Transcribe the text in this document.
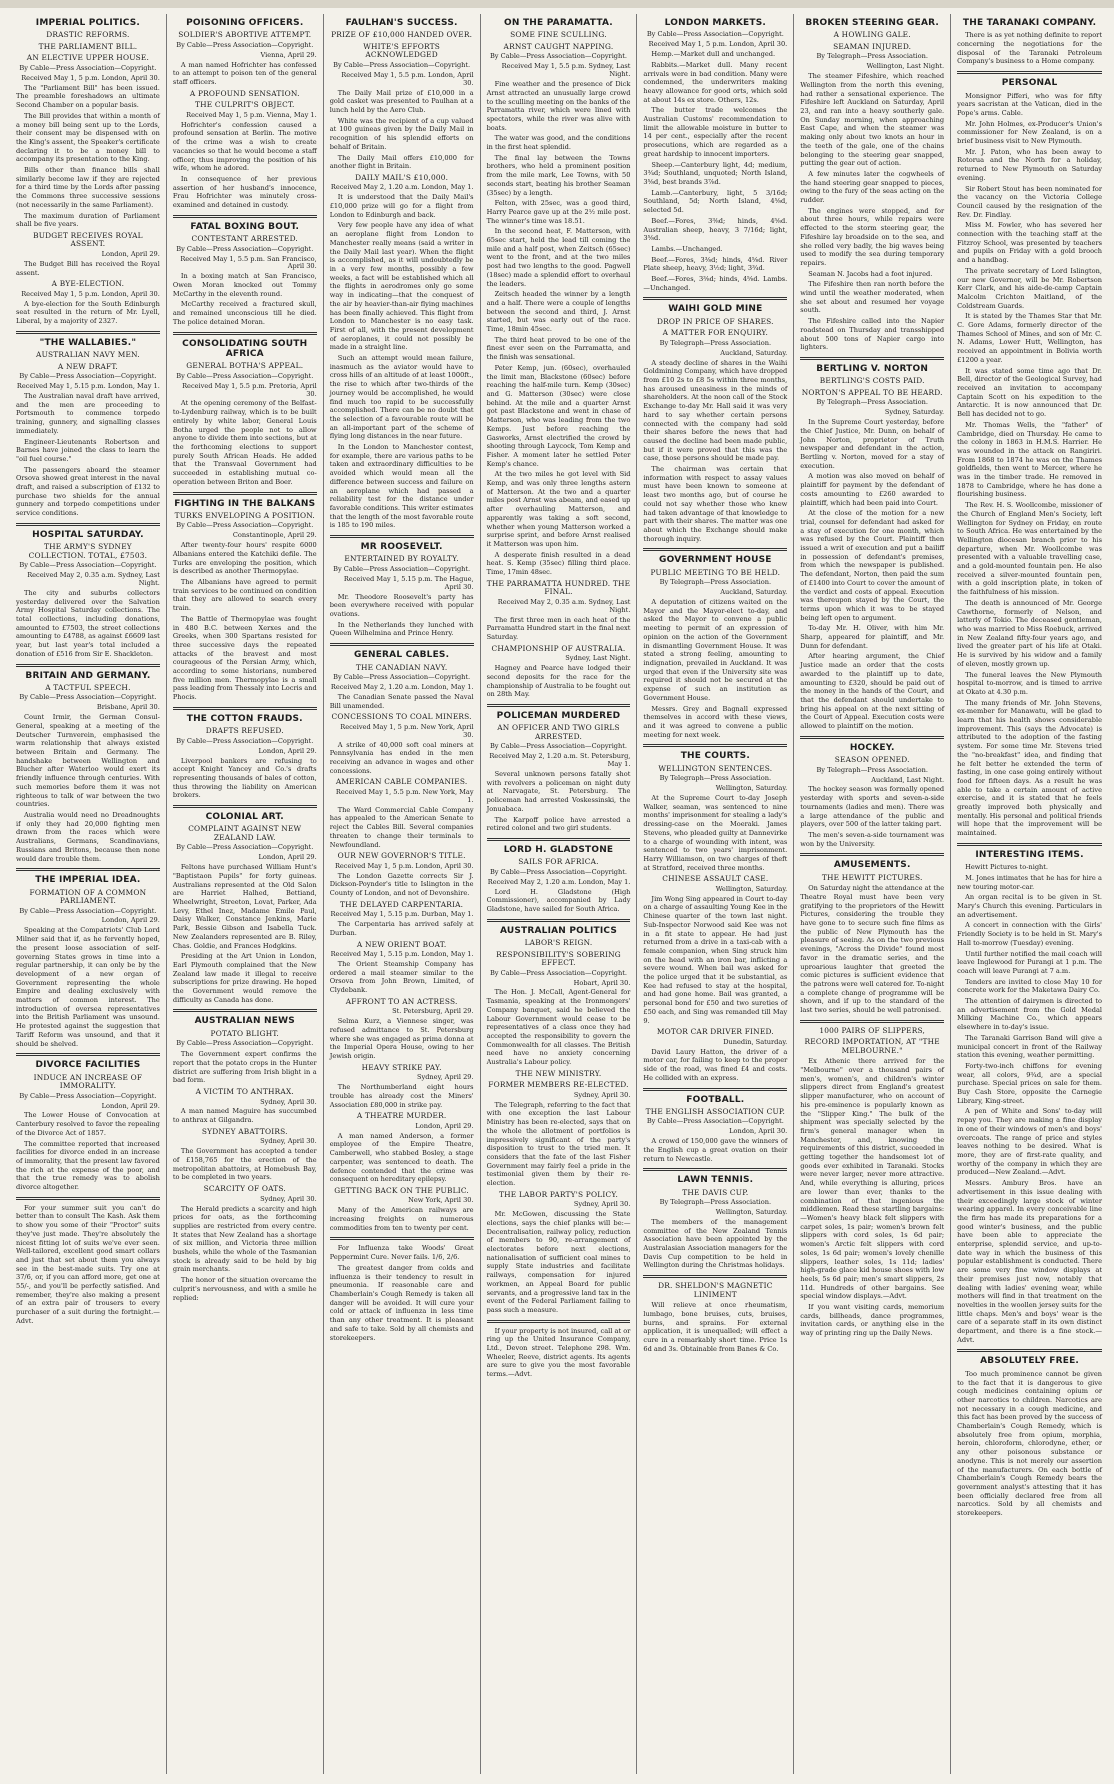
IMPERIAL POLITICS.
DRASTIC REFORMS.
THE PARLIAMENT BILL.
AN ELECTIVE UPPER HOUSE.
By Cable—Press Association—Copyright.
Received May 1, 5 p.m. London, April 30.

The "Parliament Bill" has been issued. The preamble foreshadows an ultimate Second Chamber on a popular basis.

The Bill provides that within a month of a money bill being sent up to the Lords, their consent may be dispensed with on the King's assent, the Speaker's certificate declaring it to be a money bill to accompany its presentation to the King.

Bills other than finance bills shall similarly become law if they are rejected for a third time by the Lords after passing the Commons three successive sessions (not necessarily in the same Parliament).

The maximum duration of Parliament shall be five years.

BUDGET RECEIVES ROYAL ASSENT.
London, April 29.

The Budget Bill has received the Royal assent.

A BYE-ELECTION.
Received May 1, 5 p.m. London, April 30.

A bye-election for the South Edinburgh seat resulted in the return of Mr. Lyell, Liberal, by a majority of 2327.

"THE WALLABIES."
AUSTRALIAN NAVY MEN.
A NEW DRAFT.
By Cable—Press Association—Copyright.
Received May 1, 5.15 p.m. London, May 1.

The Australian naval draft have arrived, and the men are proceeding to Portsmouth to commence torpedo training, gunnery, and signalling classes immediately.

Engineer-Lieutenants Robertson and Barnes have joined the class to learn the "oil fuel course."

The passengers aboard the steamer Orsova showed great interest in the naval draft, and raised a subscription of £132 to purchase two shields for the annual gunnery and torpedo competitions under service conditions.

HOSPITAL SATURDAY.
THE ARMY'S SYDNEY COLLECTION. TOTAL, £7503.
By Cable—Press Association—Copyright.
Received May 2, 0.35 a.m. Sydney, Last Night.

The city and suburbs collectors yesterday delivered over the Salvation Army Hospital Saturday collections. The total collections, including donations, amounted to £7503, the street collections amounting to £4788, as against £6609 last year, but last year's total included a donation of £516 from Sir E. Shackleton.

BRITAIN AND GERMANY.
A TACTFUL SPEECH.
By Cable—Press Association—Copyright.
Brisbane, April 30.

Count Irmir, the German Consul-General, speaking at a meeting of the Deutscher Turnverein, emphasised the warm relationship that always existed between Britain and Germany. The handshake between Wellington and Blucher after Waterloo would exert its friendly influence through centuries. With such memories before them it was not righteous to talk of war between the two countries.

Australia would need no Dreadnoughts if only they had 20,000 fighting men drawn from the races which were Australians, Germans, Scandinavians, Russians and Britons, because then none would dare trouble them.

THE IMPERIAL IDEA.
FORMATION OF A COMMON PARLIAMENT.
By Cable—Press Association—Copyright.
London, April 29.

Speaking at the Compatriots' Club Lord Milner said that if, as he fervently hoped, the present loose association of self-governing States grows in time into a regular partnership, it can only be by the development of a new organ of Government representing the whole Empire and dealing exclusively with matters of common interest. The introduction of oversea representatives into the British Parliament was unsound. He protested against the suggestion that Tariff Reform was unsound, and that it should be shelved.

DIVORCE FACILITIES
INDUCE AN INCREASE OF IMMORALITY.
By Cable—Press Association—Copyright.
London, April 29.

The Lower House of Convocation at Canterbury resolved to favor the repealing of the Divorce Act of 1857.

The committee reported that increased facilities for divorce ended in an increase of immorality, that the present law favored the rich at the expense of the poor, and that the true remedy was to abolish divorce altogether.

For your summer suit you can't do better than to consult The Kash. Ask them to show you some of their "Proctor" suits they've just made. They're absolutely the nicest fitting lot of suits we've ever seen. Well-tailored, excellent good smart collars and just that set about them you always see in the best-made suits. Try one at 37/6, or, if you can afford more, get one at 55/-, and you'll be perfectly satisfied. And remember, they're also making a present of an extra pair of trousers to every purchaser of a suit during the fortnight.—Advt.

POISONING OFFICERS.
SOLDIER'S ABORTIVE ATTEMPT.
By Cable—Press Association—Copyright.
Vienna, April 29.

A man named Hofrichter has confessed to an attempt to poison ten of the general staff officers.

A PROFOUND SENSATION.
THE CULPRIT'S OBJECT.
Received May 1, 5 p.m. Vienna, May 1.

Hofrichter's confession caused a profound sensation at Berlin. The motive of the crime was a wish to create vacancies so that he would become a staff officer, thus improving the position of his wife, whom he adored.

In consequence of her previous assertion of her husband's innocence, Frau Hofrichter was minutely cross-examined and detained in custody.

FATAL BOXING BOUT.
CONTESTANT ARRESTED.
By Cable—Press Association—Copyright.
Received May 1, 5.5 p.m. San Francisco, April 30.

In a boxing match at San Francisco, Owen Moran knocked out Tommy McCarthy in the eleventh round.

McCarthy received a fractured skull, and remained unconscious till he died. The police detained Moran.

CONSOLIDATING SOUTH AFRICA
GENERAL BOTHA'S APPEAL.
By Cable—Press Association—Copyright.
Received May 1, 5.5 p.m. Pretoria, April 30.

At the opening ceremony of the Belfast-to-Lydenburg railway, which is to be built entirely by white labor, General Louis Botha urged the people not to allow anyone to divide them into sections, but at the forthcoming elections to support purely South African Heads. He added that the Transvaal Government had succeeded in establishing mutual co-operation between Briton and Boer.

FIGHTING IN THE BALKANS
TURKS ENVELOPING A POSITION.
By Cable—Press Association—Copyright.
Constantinople, April 29.

After twenty-four hours' respite 6000 Albanians entered the Katchiki defile. The Turks are enveloping the position, which is described as another Thermopylae.

The Albanians have agreed to permit train services to be continued on condition that they are allowed to search every train.

The Battle of Thermopylae was fought in 480 B.C. between Xerxes and the Greeks, when 300 Spartans resisted for three successive days the repeated attacks of the bravest and most courageous of the Persian Army, which, according to some historians, numbered five million men. Thermopylae is a small pass leading from Thessaly into Locris and Phocis.

THE COTTON FRAUDS.
DRAFTS REFUSED.
By Cable—Press Association—Copyright.
London, April 29.

Liverpool bankers are refusing to accept Knight Yancey and Co.'s drafts representing thousands of bales of cotton, thus throwing the liability on American brokers.

COLONIAL ART.
COMPLAINT AGAINST NEW ZEALAND LAW.
By Cable—Press Association—Copyright.
London, April 29.

Feltons have purchased William Hunt's "Baptistaon Pupils" for forty guineas. Australians represented at the Old Salon are Harriet Halhed, Bettiand, Wheelwright, Streeton, Lovat, Parker, Ada Levy, Ethel Inez, Madame Emile Paul, Daisy Walker, Constance Jenkins, Marie Park, Bessie Gibson and Isabella Tuck. New Zealanders represented are B. Riley, Chas. Goldie, and Frances Hodgkins.

Presiding at the Art Union in London, Earl Plymouth complained that the New Zealand law made it illegal to receive subscriptions for prize drawing. He hoped the Government would remove the difficulty as Canada has done.

AUSTRALIAN NEWS
POTATO BLIGHT.
By Cable—Press Association—Copyright.

The Government expert confirms the report that the potato crops in the Hunter district are suffering from Irish blight in a bad form.

A VICTIM TO ANTHRAX.
Sydney, April 30.

A man named Maguire has succumbed to anthrax at Gilgandra.

SYDNEY ABATTOIRS.
Sydney, April 30.

The Government has accepted a tender of £158,765 for the erection of the metropolitan abattoirs, at Homebush Bay, to be completed in two years.

SCARCITY OF OATS.
Sydney, April 30.

The Herald predicts a scarcity and high prices for oats, as the forthcoming supplies are restricted from every centre. It states that New Zealand has a shortage of six million, and Victoria three million bushels, while the whole of the Tasmanian stock is already said to be held by big grain merchants.

The honor of the situation overcame the culprit's nervousness, and with a smile he replied:

FAULHAN'S SUCCESS.
PRIZE OF £10,000 HANDED OVER.
WHITE'S EFFORTS ACKNOWLEDGED
By Cable—Press Association—Copyright.
Received May 1, 5.5 p.m. London, April 30.

The Daily Mail prize of £10,000 in a gold casket was presented to Paulhan at a lunch held by the Aero Club.

White was the recipient of a cup valued at 100 guineas given by the Daily Mail in recognition of his splendid efforts on behalf of Britain.

The Daily Mail offers £10,000 for another flight in Britain.

DAILY MAIL'S £10,000.
Received May 2, 1.20 a.m. London, May 1.

It is understood that the Daily Mail's £10,000 prize will go for a flight from London to Edinburgh and back.

Very few people have any idea of what an aeroplane flight from London to Manchester really means (said a writer in the Daily Mail last year). When the flight is accomplished, as it will undoubtedly be in a very few months, possibly a few weeks, a fact will be established which all the flights in aerodromes only go some way in indicating—that the conquest of the air by heavier-than-air flying machines has been finally achieved. This flight from London to Manchester is no easy task. First of all, with the present development of aeroplanes, it could not possibly be made in a straight line.

Such an attempt would mean failure, inasmuch as the aviator would have to cross hills of an altitude of at least 1000ft., the rise to which after two-thirds of the journey would be accomplished, he would find much too rapid to be successfully accomplished. There can be no doubt that the selection of a favourable route will be an all-important part of the scheme of flying long distances in the near future.

In the London to Manchester contest, for example, there are various paths to be taken and extraordinary difficulties to be avoided which would mean all the difference between success and failure on an aeroplane which had passed a reliability test for the distance under favorable conditions. This writer estimates that the length of the most favorable route is 185 to 190 miles.

MR ROOSEVELT.
ENTERTAINED BY ROYALTY.
By Cable—Press Association—Copyright.
Received May 1, 5.15 p.m. The Hague, April 30.

Mr. Theodore Roosevelt's party has been everywhere received with popular ovations.

In the Netherlands they lunched with Queen Wilhelmina and Prince Henry.

GENERAL CABLES.
THE CANADIAN NAVY.
By Cable—Press Association—Copyright.
Received May 2, 1.20 a.m. London, May 1.

The Canadian Senate passed the Naval Bill unamended.

CONCESSIONS TO COAL MINERS.
Received May 1, 5 p.m. New York, April 30.

A strike of 40,000 soft coal miners at Pennsylvania has ended in the men receiving an advance in wages and other concessions.

AMERICAN CABLE COMPANIES.
Received May 1, 5.5 p.m. New York, May 1.

The Ward Commercial Cable Company has appealed to the American Senate to reject the Cables Bill. Several companies threaten to change their terminals to Newfoundland.

OUR NEW GOVERNOR'S TITLE.
Received May 1, 5 p.m. London, April 30.

The London Gazette corrects Sir J. Dickson-Poynder's title to Islington in the County of London, and not of Devonshire.

THE DELAYED CARPENTARIA.
Received May 1, 5.15 p.m. Durban, May 1.

The Carpentaria has arrived safely at Durban.

A NEW ORIENT BOAT.
Received May 1, 5.15 p.m. London, May 1.

The Orient Steamship Company has ordered a mail steamer similar to the Orsova from John Brown, Limited, of Clydebank.

AFFRONT TO AN ACTRESS.
St. Petersburg, April 29.

Selma Kurz, a Viennese singer, was refused admittance to St. Petersburg where she was engaged as prima donna at the Imperial Opera House, owing to her Jewish origin.

HEAVY STRIKE PAY.
Sydney, April 29.

The Northumberland eight hours trouble has already cost the Miners' Association £80,000 in strike pay.

A THEATRE MURDER.
London, April 29.

A man named Anderson, a former employee of the Empire Theatre, Camberwell, who stabbed Bosley, a stage carpenter, was sentenced to death. The defence contended that the crime was consequent on hereditary epilepsy.

GETTING BACK ON THE PUBLIC.
New York, April 30.

Many of the American railways are increasing freights on numerous commodities from ten to twenty per cent.

For Influenza take Woods' Great Peppermint Cure. Never fails. 1/6, 2/6.

The greatest danger from colds and influenza is their tendency to result in pneumonia. If reasonable care and Chamberlain's Cough Remedy is taken all danger will be avoided. It will cure your cold or attack of influenza in less time than any other treatment. It is pleasant and safe to take. Sold by all chemists and storekeepers.

ON THE PARAMATTA.
SOME FINE SCULLING.
ARNST CAUGHT NAPPING.
By Cable—Press Association—Copyright.
Received May 1, 5.5 p.m. Sydney, Last Night.

Fine weather and the presence of Dick Arnst attracted an unusually large crowd to the sculling meeting on the banks of the Parramatta river, which were lined with spectators, while the river was alive with boats.

The water was good, and the conditions in the first heat splendid.

The final lay between the Towns brothers, who held a prominent position from the mile mark, Lee Towns, with 50 seconds start, beating his brother Seaman (35sec) by a length.

Felton, with 25sec, was a good third, Harry Pearce gave up at the 2½ mile post. The winner's time was 18.51.

In the second heat, F. Matterson, with 65sec start, held the lead till coming the mile and a half post, when Zeitsch (65sec) went to the front, and at the two miles post had two lengths to the good. Pagwell (18sec) made a splendid effort to overhaul the leaders.

Zeitsch headed the winner by a length and a half. There were a couple of lengths between the second and third, J. Arnst started, but was early out of the race. Time, 18min 45sec.

The third heat proved to be one of the finest ever seen on the Parramatta, and the finish was sensational.

Peter Kemp, jun. (60sec), overhauled the limit man, Blackstone (60sec) before reaching the half-mile turn. Kemp (30sec) and G. Matterson (30sec) were close behind. At the mile and a quarter Arnst got past Blackstone and went in chase of Matterson, who was leading from the two Kemps. Just before reaching the Gasworks, Arnst electrified the crowd by shooting through Laycock, Tom Kemp and Fisher. A moment later he settled Peter Kemp's chance.

At the two miles he got level with Sid Kemp, and was only three lengths astern of Matterson. At the two and a quarter miles post Arnst was abeam, and eased up after overhauling Matterson, and apparently was taking a soft second, whether when young Matterson worked a surprise sprint, and before Arnst realised it Matterson was upon him.

A desperate finish resulted in a dead heat. S. Kemp (35sec) filling third place. Time, 17min 48sec.

THE PARRAMATTA HUNDRED. THE FINAL.
Received May 2, 0.35 a.m. Sydney, Last Night.

The first three men in each heat of the Parramatta Hundred start in the final next Saturday.

CHAMPIONSHIP OF AUSTRALIA.
Sydney, Last Night.

Hagney and Pearce have lodged their second deposits for the race for the championship of Australia to be fought out on 28th May.

POLICEMAN MURDERED
AN OFFICER AND TWO GIRLS ARRESTED.
By Cable—Press Association—Copyright.
Received May 2, 1.20 a.m. St. Petersburg, May 1.

Several unknown persons fatally shot with revolvers a policeman on night duty at Narvagate, St. Petersburg. The policeman had arrested Voskessinski, the Jonuabaca.

The Karpoff police have arrested a retired colonel and two girl students.

LORD H. GLADSTONE
SAILS FOR AFRICA.
By Cable—Press Association—Copyright.
Received May 2, 1.20 a.m. London, May 1.

Lord H. Gladstone (High Commissioner), accompanied by Lady Gladstone, have sailed for South Africa.

AUSTRALIAN POLITICS
LABOR'S REIGN.
RESPONSIBILITY'S SOBERING EFFECT.
By Cable—Press Association—Copyright.
Hobart, April 30.

The Hon. J. McCall, Agent-General for Tasmania, speaking at the Ironmongers' Company banquet, said he believed the Labour Government would cease to be representatives of a class once they had accepted the responsibility to govern the Commonwealth for all classes. The British need have no anxiety concerning Australia's Labour policy.

THE NEW MINISTRY.
FORMER MEMBERS RE-ELECTED.
Sydney, April 30.

The Telegraph, referring to the fact that with one exception the last Labour Ministry has been re-elected, says that on the whole the allotment of portfolios is impressively significant of the party's disposition to trust to the tried men. It considers that the fate of the last Fisher Government may fairly feel a pride in the testimonial given them by their re-election.

THE LABOR PARTY'S POLICY.
Sydney, April 30.

Mr. McGowen, discussing the State elections, says the chief planks will be:—Decentralisation, railway policy, reduction of members to 90, re-arrangement of electorates before next elections, nationalisation of sufficient coal mines to supply State industries and facilitate railways, compensation for injured workmen, an Appeal Board for public servants, and a progressive land tax in the event of the Federal Parliament failing to pass such a measure.

If your property is not insured, call at or ring up the United Insurance Company, Ltd., Devon street. Telephone 298. Wm. Wheeler, Reeve, district agents. Its agents are sure to give you the most favorable terms.—Advt.

LONDON MARKETS.
By Cable—Press Association—Copyright.
Received May 1, 5 p.m. London, April 30.

Hemp.—Market dull and unchanged.

Rabbits.—Market dull. Many recent arrivals were in bad condition. Many were condemned, the underwriters making heavy allowance for good orts, which sold at about 14s ex store. Others, 12s.

The butter trade welcomes the Australian Customs' recommendation to limit the allowable moisture in butter to 14 per cent., especially after the recent prosecutions, which are regarded as a great hardship to innocent importers.

Sheep.—Canterbury light, 4d; medium, 3¾d; Southland, unquoted; North Island, 3⅝d, best brands 3⅞d.

Lamb.—Canterbury, light, 5 3/16d; Southland, 5d; North Island, 4⅝d, selected 5d.

Beef.—Fores, 3⅜d; hinds, 4⅝d. Australian sheep, heavy, 3 7/16d; light, 3⅝d.

Lambs.—Unchanged.

Beef.—Fores, 3⅜d; hinds, 4⅝d. River Plate sheep, heavy, 3½d; light, 3¾d.

Beef.—Fores, 3⅜d; hinds, 4⅝d. Lambs.—Unchanged.

WAIHI GOLD MINE
DROP IN PRICE OF SHARES.
A MATTER FOR ENQUIRY.
By Telegraph—Press Association.
Auckland, Saturday.

A steady decline of shares in the Waihi Goldmining Company, which have dropped from £10 2s to £8 5s within three months, has aroused uneasiness in the minds of shareholders. At the noon call of the Stock Exchange to-day Mr. Hall said it was very hard to say whether certain persons connected with the company had sold their shares before the news that had caused the decline had been made public, but if it were proved that this was the case, those persons should be made pay.

The chairman was certain that information with respect to assay values must have been known to someone at least two months ago, but of course he could not say whether those who knew had taken advantage of that knowledge to part with their shares. The matter was one about which the Exchange should make thorough inquiry.

GOVERNMENT HOUSE
PUBLIC MEETING TO BE HELD.
By Telegraph—Press Association.
Auckland, Saturday.

A deputation of citizens waited on the Mayor and the Mayor-elect to-day, and asked the Mayor to convene a public meeting to permit of an expression of opinion on the action of the Government in dismantling Government House. It was stated a strong feeling, amounting to indignation, prevailed in Auckland. It was urged that even if the University site was required it should not be secured at the expense of such an institution as Government House.

Messrs. Grey and Bagnall expressed themselves in accord with these views, and it was agreed to convene a public meeting for next week.

THE COURTS.
WELLINGTON SENTENCES.
By Telegraph—Press Association.
Wellington, Saturday.

At the Supreme Court to-day Joseph Walker, seaman, was sentenced to nine months' imprisonment for stealing a lady's dressing-case on the Moeraki. James Stevens, who pleaded guilty at Dannevirke to a charge of wounding with intent, was sentenced to two years' imprisonment. Harry Williamson, on two charges of theft at Stratford, received three months.

CHINESE ASSAULT CASE.
Wellington, Saturday.

Jim Wong Sing appeared in Court to-day on a charge of assaulting Young Kee in the Chinese quarter of the town last night. Sub-Inspector Norwood said Kee was not in a fit state to appear. He had just returned from a drive in a taxi-cab with a female companion, when Sing struck him on the head with an iron bar, inflicting a severe wound. When bail was asked for the police urged that it be substantial, as Kee had refused to stay at the hospital, and had gone home. Bail was granted, a personal bond for £50 and two sureties of £50 each, and Sing was remanded till May 9.

MOTOR CAR DRIVER FINED.
Dunedin, Saturday.

David Laury Hatton, the driver of a motor car, for failing to keep to the proper side of the road, was fined £4 and costs. He collided with an express.

FOOTBALL.
THE ENGLISH ASSOCIATION CUP.
By Cable—Press Association—Copyright.
London, April 30.

A crowd of 150,000 gave the winners of the English cup a great ovation on their return to Newcastle.

LAWN TENNIS.
THE DAVIS CUP.
By Telegraph—Press Association.
Wellington, Saturday.

The members of the management committee of the New Zealand Tennis Association have been appointed by the Australasian Association managers for the Davis Cup competition to be held in Wellington during the Christmas holidays.

DR. SHELDON'S MAGNETIC LINIMENT

Will relieve at once rheumatism, lumbago, bone bruises, cuts, bruises, burns, and sprains. For external application, it is unequalled; will effect a cure in a remarkably short time. Price 1s 6d and 3s. Obtainable from Banes & Co.

BROKEN STEERING GEAR.
A HOWLING GALE.
SEAMAN INJURED.
By Telegraph—Press Association.
Wellington, Last Night.

The steamer Fifeshire, which reached Wellington from the north this evening, had rather a sensational experience. The Fifeshire left Auckland on Saturday, April 23, and ran into a heavy southerly gale. On Sunday morning, when approaching East Cape, and when the steamer was making only about two knots an hour in the teeth of the gale, one of the chains belonging to the steering gear snapped, putting the gear out of action.

A few minutes later the cogwheels of the hand steering gear snapped to pieces, owing to the fury of the seas acting on the rudder.

The engines were stopped, and for about three hours, while repairs were effected to the storm steering gear, the Fifeshire lay broadside on to the sea, and she rolled very badly, the big waves being used to modify the sea during temporary repairs.

Seaman N. Jacobs had a foot injured.

The Fifeshire then ran north before the wind until the weather moderated, when she set about and resumed her voyage south.

The Fifeshire called into the Napier roadstead on Thursday and transshipped about 500 tons of Napier cargo into lighters.

BERTLING V. NORTON
BERTLING'S COSTS PAID.
NORTON'S APPEAL TO BE HEARD.
By Telegraph—Press Association.
Sydney, Saturday.

In the Supreme Court yesterday, before the Chief Justice, Mr. Dunn, on behalf of John Norton, proprietor of Truth newspaper and defendant in the action, Bertling v. Norton, moved for a stay of execution.

A motion was also moved on behalf of plaintiff for payment by the defendant of costs amounting to £260 awarded to plaintiff, which had been paid into Court.

At the close of the motion for a new trial, counsel for defendant had asked for a stay of execution for one month, which was refused by the Court. Plaintiff then issued a writ of execution and put a bailiff in possession of defendant's premises, from which the newspaper is published. The defendant, Norton, then paid the sum of £1400 into Court to cover the amount of the verdict and costs of appeal. Execution was thereupon stayed by the Court, the terms upon which it was to be stayed being left open to argument.

To-day Mr. H. Oliver, with him Mr. Sharp, appeared for plaintiff, and Mr. Dunn for defendant.

After hearing argument, the Chief Justice made an order that the costs awarded to the plaintiff up to date, amounting to £320, should be paid out of the money in the hands of the Court, and that the defendant should undertake to bring his appeal on at the next sitting of the Court of Appeal. Execution costs were allowed to plaintiff on the motion.

HOCKEY.
SEASON OPENED.
By Telegraph—Press Association.
Auckland, Last Night.

The hockey season was formally opened yesterday with sports and seven-a-side tournaments (ladies and men). There was a large attendance of the public and players, over 500 of the latter taking part.

The men's seven-a-side tournament was won by the University.

AMUSEMENTS.
THE HEWITT PICTURES.

On Saturday night the attendance at the Theatre Royal must have been very gratifying to the proprietors of the Hewitt Pictures, considering the trouble they have gone to to secure such fine films as the public of New Plymouth has the pleasure of seeing. As on the two previous evenings, "Across the Divide" found most favor in the dramatic series, and the uproarious laughter that greeted the comic pictures is sufficient evidence that the patrons were well catered for. To-night a complete change of programme will be shown, and if up to the standard of the last two series, should be well patronised.

1000 PAIRS OF SLIPPERS,
RECORD IMPORTATION, AT "THE MELBOURNE."

Ex Athenic there arrived for the "Melbourne" over a thousand pairs of men's, women's, and children's winter slippers direct from England's greatest slipper manufacturer, who on account of his pre-eminence is popularly known as the "Slipper King." The bulk of the shipment was specially selected by the firm's general manager when in Manchester, and, knowing the requirements of this district, succeeded in getting together the handsomest lot of goods ever exhibited in Taranaki. Stocks were never larger, never more attractive. And, while everything is alluring, prices are lower than ever, thanks to the combination of that ingenious the middlemen. Read these startling bargains:—Women's heavy black felt slippers with carpet soles, 1s pair; women's brown felt slippers with cord soles, 1s 6d pair; women's Arctic felt slippers with cord soles, 1s 6d pair; women's lovely chenille slippers, leather soles, 1s 11d; ladies' high-grade glace kid house shoes with low heels, 5s 6d pair; men's smart slippers, 2s 11d. Hundreds of other bargains. See special window displays.—Advt.

If you want visiting cards, memorium cards, billheads, dance programmes, invitation cards, or anything else in the way of printing ring up the Daily News.

THE TARANAKI COMPANY.

There is as yet nothing definite to report concerning the negotiations for the disposal of the Taranaki Petroleum Company's business to a Home company.

PERSONAL

Monsignor Pifferi, who was for fifty years sacristan at the Vatican, died in the Pope's arms. Cable.

Mr. John Holmes, ex-Producer's Union's commissioner for New Zealand, is on a brief business visit to New Plymouth.

Mr. J. Paton, who has been away to Rotorua and the North for a holiday, returned to New Plymouth on Saturday evening.

Sir Robert Stout has been nominated for the vacancy on the Victoria College Council caused by the resignation of the Rev. Dr. Findlay.

Miss M. Fowler, who has severed her connection with the teaching staff at the Fitzroy School, was presented by teachers and pupils on Friday with a gold brooch and a handbag.

The private secretary of Lord Islington, our new Governor, will be Mr. Robertson Kerr Clark, and his aide-de-camp Captain Malcolm Crichton Maitland, of the Coldstream Guards.

It is stated by the Thames Star that Mr. C. Gore Adams, formerly director of the Thames School of Mines, and son of Mr. C. N. Adams, Lower Hutt, Wellington, has received an appointment in Bolivia worth £1200 a year.

It was stated some time ago that Dr. Bell, director of the Geological Survey, had received an invitation to accompany Captain Scott on his expedition to the Antarctic. It is now announced that Dr. Bell has decided not to go.

Mr. Thomas Wells, the "father" of Cambridge, died on Thursday. He came to the colony in 1863 in H.M.S. Harrier. He was wounded in the attack on Rangiriri. From 1868 to 1874 he was on the Thames goldfields, then went to Mercer, where he was in the timber trade. He removed in 1878 to Cambridge, where he has done a flourishing business.

The Rev. H. S. Woollcombe, missioner of the Church of England Men's Society, left Wellington for Sydney on Friday, en route to South Africa. He was entertained by the Wellington diocesan branch prior to his departure, when Mr. Woollcombe was presented with a valuable travelling case, and a gold-mounted fountain pen. He also received a silver-mounted fountain pen, with a gold inscription plate, in token of the faithfulness of his mission.

The death is announced of Mr. George Cawthorne, formerly of Nelson, and latterly of Tokio. The deceased gentleman, who was married to Miss Roebuck, arrived in New Zealand fifty-four years ago, and lived the greater part of his life at Otaki. He is survived by his widow and a family of eleven, mostly grown up.

The funeral leaves the New Plymouth hospital to-morrow, and is timed to arrive at Okato at 4.30 p.m.

The many friends of Mr. John Stevens, ex-member for Manawatu, will be glad to learn that his health shows considerable improvement. This (says the Advocate) is attributed to the adoption of the fasting system. For some time Mr. Stevens tried the "no-breakfast" idea, and finding that he felt better he extended the term of fasting, in one case going entirely without food for fifteen days. As a result he was able to take a certain amount of active exercise, and it is stated that he feels greatly improved both physically and mentally. His personal and political friends will hope that the improvement will be maintained.

INTERESTING ITEMS.

Hewitt Pictures to-night.

M. Jones intimates that he has for hire a new touring motor-car.

An organ recital is to be given in St. Mary's Church this evening. Particulars in an advertisement.

A concert in connection with the Girls' Friendly Society is to be held in St. Mary's Hall to-morrow (Tuesday) evening.

Until further notified the mail coach will leave Inglewood for Purangi at 1 p.m. The coach will leave Purangi at 7 a.m.

Tenders are invited to close May 10 for concrete work for the Maketawa Dairy Co.

The attention of dairymen is directed to an advertisement from the Gold Medal Milking Machine Co., which appears elsewhere in to-day's issue.

The Taranaki Garrison Band will give a municipal concert in front of the Railway station this evening, weather permitting.

Forty-two-inch chiffons for evening wear, all colors, 9¾d, are a special purchase. Special prices on sale for them. Buy Cash Store, opposite the Carnegie Library, King-street.

A pen of White and Sons' to-day will repay you. They are making a fine display in one of their windows of men's and boys' overcoats. The range of price and styles leaves nothing to be desired. What is more, they are of first-rate quality, and worthy of the company in which they are produced—New Zealand.—Advt.

Messrs. Ambury Bros. have an advertisement in this issue dealing with their exceedingly large stock of winter wearing apparel. In every conceivable line the firm has made its preparations for a good winter's business, and the public have been able to appreciate the enterprise, splendid service, and up-to-date way in which the business of this popular establishment is conducted. There are some very fine window displays at their premises just now, notably that dealing with ladies' evening wear, while mothers will find in that treatment on the novelties in the woollen jersey suits for the little chaps. Men's and boys' wear is the care of a separate staff in its own distinct department, and there is a fine stock.—Advt.

ABSOLUTELY FREE.

Too much prominence cannot be given to the fact that it is dangerous to give cough medicines containing opium or other narcotics to children. Narcotics are not necessary in a cough medicine, and this fact has been proved by the success of Chamberlain's Cough Remedy, which is absolutely free from opium, morphia, heroin, chloroform, chlorodyne, ether, or any other poisonous substance or anodyne. This is not merely our assertion of the manufacturers. On each bottle of Chamberlain's Cough Remedy bears the government analyst's attesting that it has been officially declared free from all narcotics. Sold by all chemists and storekeepers.
